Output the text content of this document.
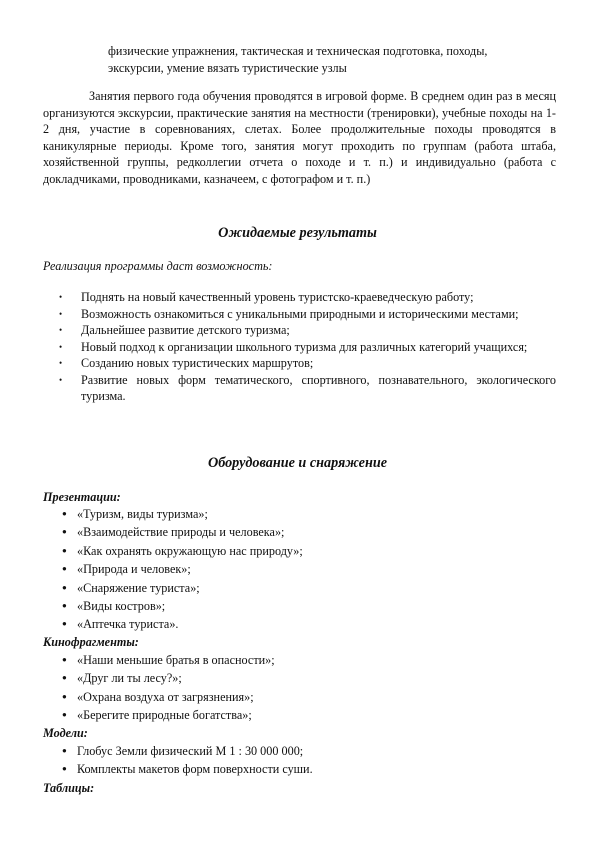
физические упражнения, тактическая и техническая подготовка, походы,
экскурсии, умение вязать туристические узлы
Занятия первого года обучения проводятся в игровой форме. В среднем один раз в месяц организуются экскурсии, практические занятия на местности (тренировки), учебные походы на 1-2 дня, участие в соревнованиях, слетах. Более продолжительные походы проводятся в каникулярные периоды. Кроме того, занятия могут проходить по группам (работа штаба, хозяйственной группы, редколлегии отчета о походе и т. п.) и индивидуально (работа с докладчиками, проводниками, казначеем, с фотографом и т. п.)
Ожидаемые результаты
Реализация программы даст возможность:
• Поднять на новый качественный уровень туристско-краеведческую работу;
• Возможность ознакомиться с уникальными природными и историческими местами;
• Дальнейшее развитие детского туризма;
• Новый подход к организации школьного туризма для различных категорий учащихся;
• Созданию новых туристических маршрутов;
• Развитие новых форм тематического, спортивного, познавательного, экологического туризма.
Оборудование и снаряжение
Презентации:
● «Туризм, виды туризма»;
● «Взаимодействие природы и человека»;
● «Как охранять окружающую нас природу»;
● «Природа и человек»;
● «Снаряжение туриста»;
● «Виды костров»;
● «Аптечка туриста».
Кинофрагменты:
● «Наши меньшие братья в опасности»;
● «Друг ли ты лесу?»;
● «Охрана воздуха от загрязнения»;
● «Берегите природные богатства»;
Модели:
● Глобус Земли физический М 1 : 30 000 000;
● Комплекты макетов форм поверхности суши.
Таблицы:
